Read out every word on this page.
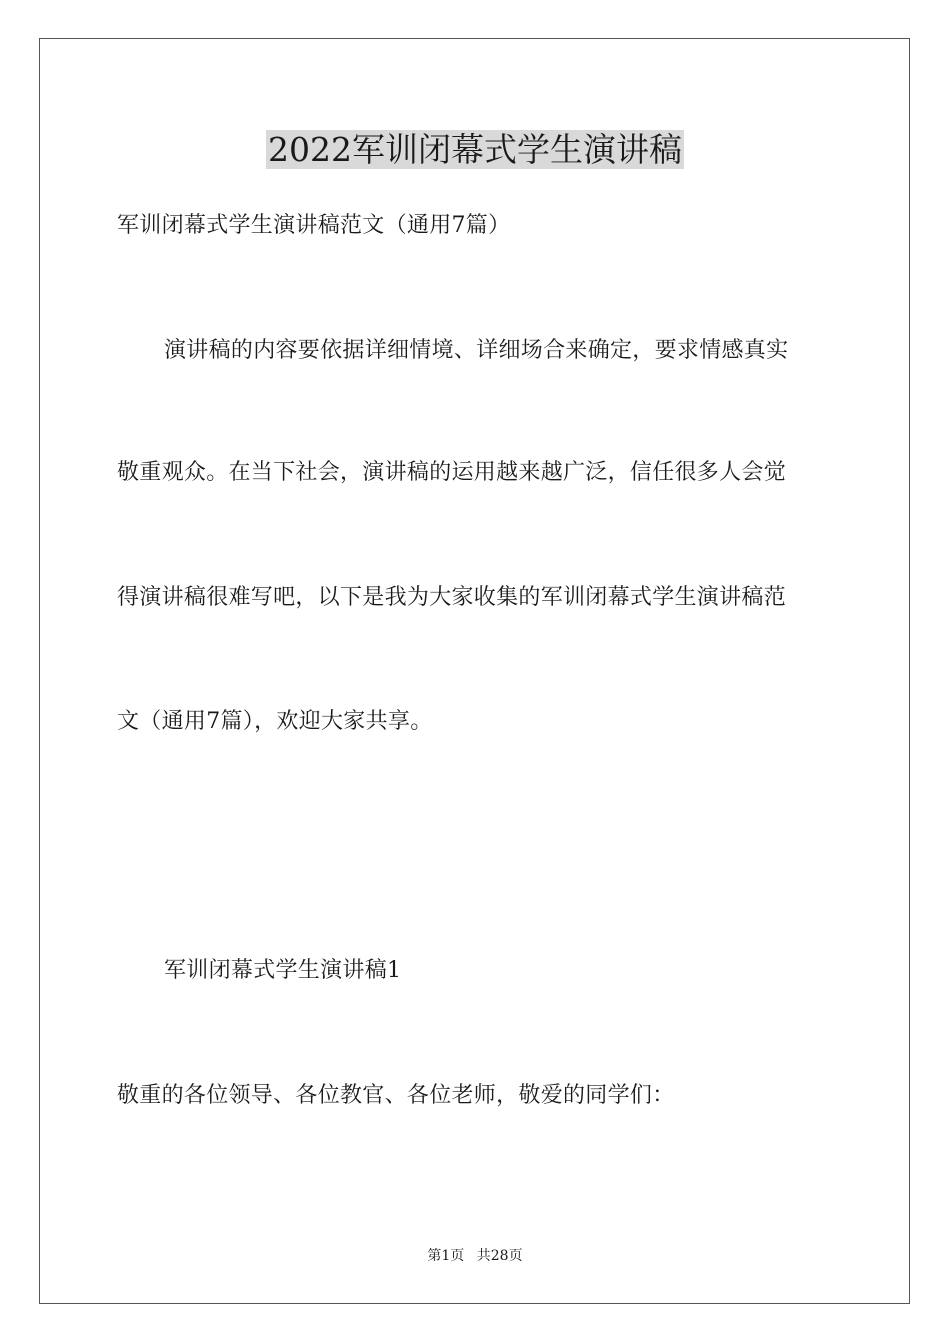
2022军训闭幕式学生演讲稿
军训闭幕式学生演讲稿范文（通用7篇）
演讲稿的内容要依据详细情境、详细场合来确定，要求情感真实
敬重观众。在当下社会，演讲稿的运用越来越广泛，信任很多人会觉
得演讲稿很难写吧，以下是我为大家收集的军训闭幕式学生演讲稿范
文（通用7篇），欢迎大家共享。
军训闭幕式学生演讲稿1
敬重的各位领导、各位教官、各位老师，敬爱的同学们：
第1页 共28页
